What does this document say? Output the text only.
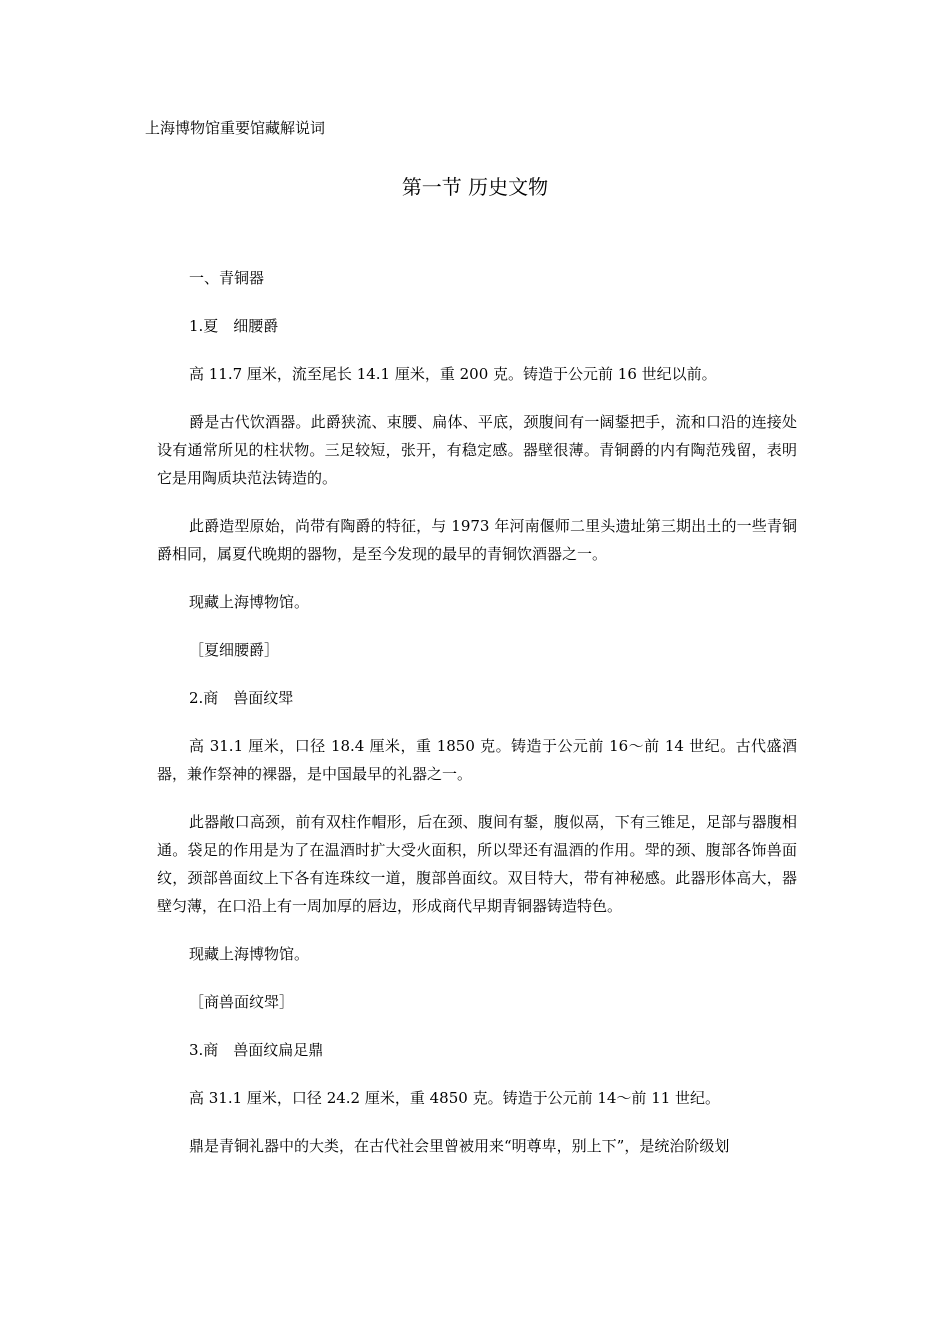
上海博物馆重要馆藏解说词
第一节 历史文物

一、青铜器

1.夏　细腰爵

高 11.7 厘米，流至尾长 14.1 厘米，重 200 克。铸造于公元前 16 世纪以前。

爵是古代饮酒器。此爵狭流、束腰、扁体、平底，颈腹间有一阔鋬把手，流和口沿的连接处设有通常所见的柱状物。三足较短，张开，有稳定感。器壁很薄。青铜爵的内有陶范残留，表明它是用陶质块范法铸造的。

此爵造型原始，尚带有陶爵的特征，与 1973 年河南偃师二里头遗址第三期出土的一些青铜爵相同，属夏代晚期的器物，是至今发现的最早的青铜饮酒器之一。

现藏上海博物馆。

［夏细腰爵］

2.商　兽面纹斝

高 31.1 厘米，口径 18.4 厘米，重 1850 克。铸造于公元前 16～前 14 世纪。古代盛酒器，兼作祭神的裸器，是中国最早的礼器之一。

此器敞口高颈，前有双柱作帽形，后在颈、腹间有鋬，腹似鬲，下有三锥足，足部与器腹相通。袋足的作用是为了在温酒时扩大受火面积，所以斝还有温酒的作用。斝的颈、腹部各饰兽面纹，颈部兽面纹上下各有连珠纹一道，腹部兽面纹。双目特大，带有神秘感。此器形体高大，器壁匀薄，在口沿上有一周加厚的唇边，形成商代早期青铜器铸造特色。

现藏上海博物馆。

［商兽面纹斝］

3.商　兽面纹扁足鼎

高 31.1 厘米，口径 24.2 厘米，重 4850 克。铸造于公元前 14～前 11 世纪。

鼎是青铜礼器中的大类，在古代社会里曾被用来“明尊卑，别上下”，是统治阶级划
